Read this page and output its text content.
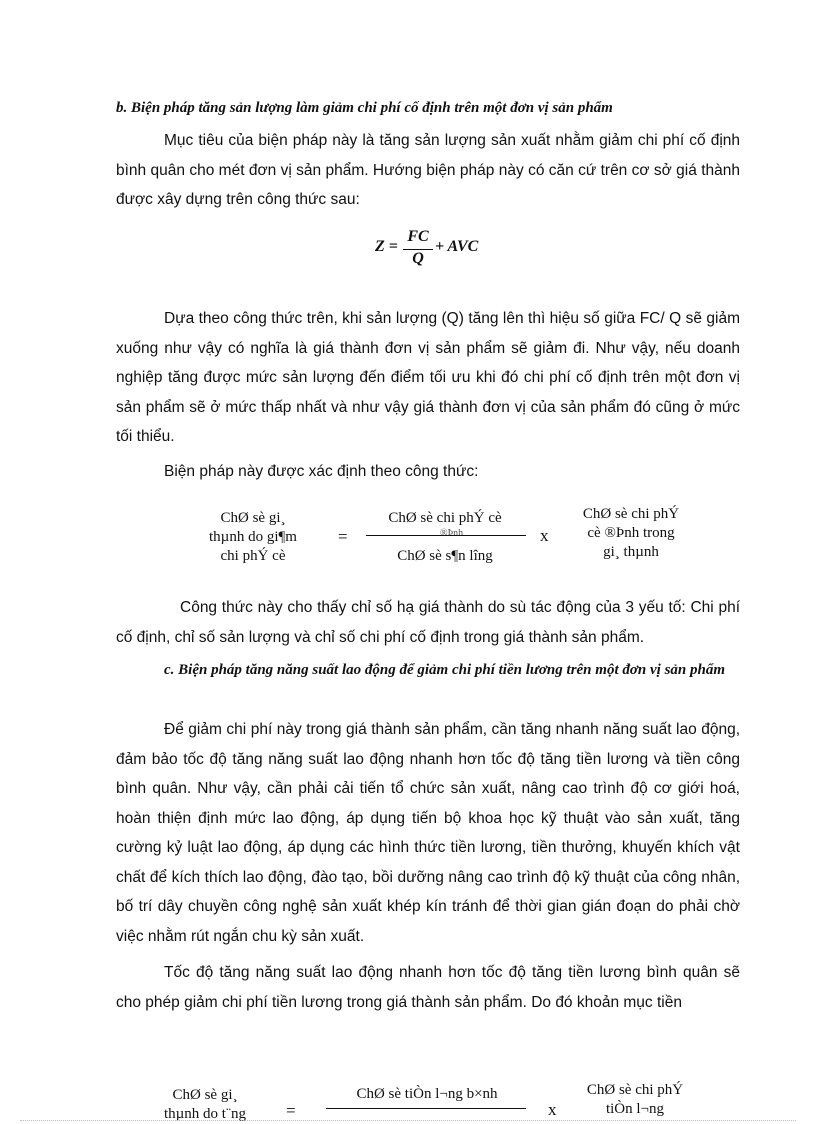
b. Biện pháp tăng sản lượng làm giảm chi phí cố định trên một đơn vị sản phẩm

Mục tiêu của biện pháp này là tăng sản lượng sản xuất nhằm giảm chi phí cố định bình quân cho mét đơn vị sản phẩm. Hướng biện pháp này có căn cứ trên cơ sở giá thành được xây dựng trên công thức sau:

Z =
FC
Q
+ AVC

Dựa theo công thức trên, khi sản lượng (Q) tăng lên thì hiệu số giữa FC/ Q sẽ giảm xuống như vậy có nghĩa là giá thành đơn vị sản phẩm sẽ giảm đi. Như vậy, nếu doanh nghiệp tăng được mức sản lượng đến điểm tối ưu khi đó chi phí cố định trên một đơn vị sản phẩm sẽ ở mức thấp nhất và như vậy giá thành đơn vị của sản phẩm đó cũng ở mức tối thiểu.

Biện pháp này được xác định theo công thức:

ChØ sè gi¸
thµnh do gi¶m
chi phÝ cè
=
ChØ sè chi phÝ cè
®Þnh
ChØ sè s¶n lîng
x
ChØ sè chi phÝ
cè ®Þnh trong
gi¸ thµnh

Công thức này cho thấy chỉ số hạ giá thành do sù tác động của 3 yếu tố: Chi phí cố định, chỉ số sản lượng và chỉ số chi phí cố định trong giá thành sản phẩm.

c. Biện pháp tăng năng suất lao động để giảm chi phí tiền lương trên một đơn vị sản phẩm

Để giảm chi phí này trong giá thành sản phẩm, cần tăng nhanh năng suất lao động, đảm bảo tốc độ tăng năng suất lao động nhanh hơn tốc độ tăng tiền lương và tiền công bình quân. Như vậy, cần phải cải tiến tổ chức sản xuất, nâng cao trình độ cơ giới hoá, hoàn thiện định mức lao động, áp dụng tiến bộ khoa học kỹ thuật vào sản xuất, tăng cường kỷ luật lao động, áp dụng các hình thức tiền lương, tiền thưởng, khuyến khích vật chất để kích thích lao động, đào tạo, bồi dưỡng nâng cao trình độ kỹ thuật của công nhân, bố trí dây chuyền công nghệ sản xuất khép kín tránh để thời gian gián đoạn do phải chờ việc nhằm rút ngắn chu kỳ sản xuất.

Tốc độ tăng năng suất lao động nhanh hơn tốc độ tăng tiền lương bình quân sẽ cho phép giảm chi phí tiền lương trong giá thành sản phẩm. Do đó khoản mục tiền

ChØ sè gi¸
thµnh do t¨ng	=
ChØ sè tiÒn l¬ng b×nh
x
ChØ sè chi phÝ
tiÒn l¬ng
